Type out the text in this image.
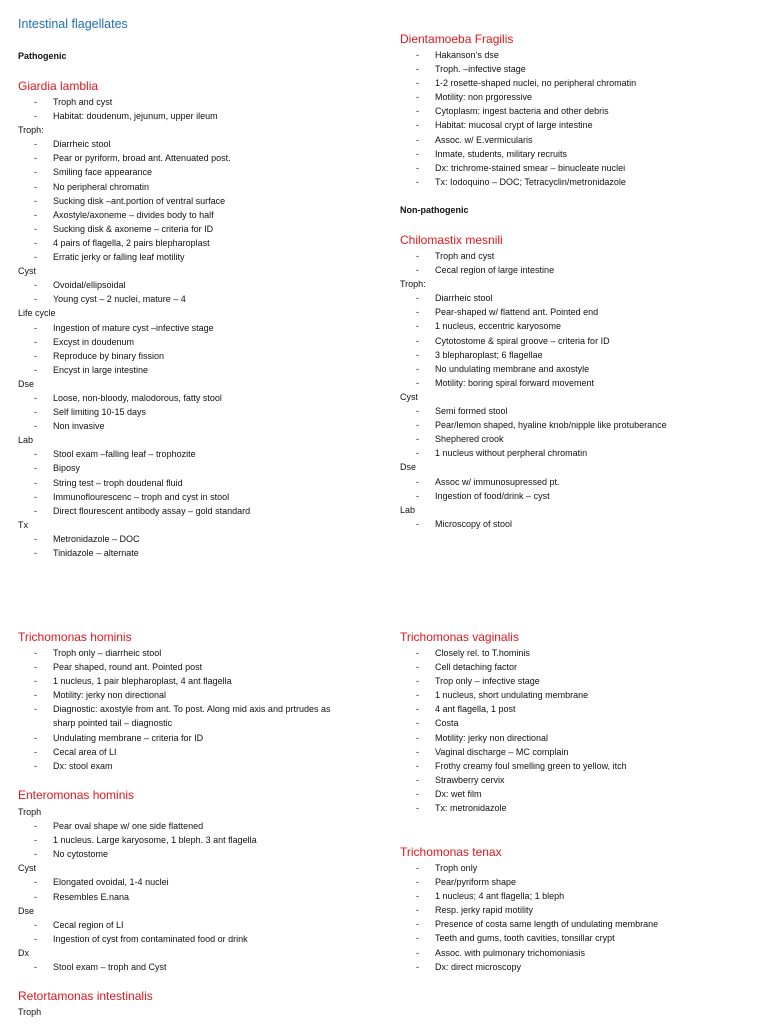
Intestinal flagellates
Pathogenic
Giardia lamblia
- Troph and cyst
- Habitat: doudenum, jejunum, upper ileum
Troph:
- Diarrheic stool
- Pear or pyriform, broad ant. Attenuated post.
- Smiling face appearance
- No peripheral chromatin
- Sucking disk –ant.portion of ventral surface
- Axostyle/axoneme – divides body to half
- Sucking disk & axoneme – criteria for ID
- 4 pairs of flagella, 2 pairs blepharoplast
- Erratic jerky or falling leaf motility
Cyst
- Ovoidal/ellipsoidal
- Young cyst – 2 nuclei, mature – 4
Life cycle
- Ingestion of mature cyst –infective stage
- Excyst in doudenum
- Reproduce by binary fission
- Encyst in large intestine
Dse
- Loose, non-bloody, malodorous, fatty stool
- Self limiting 10-15 days
- Non invasive
Lab
- Stool exam –falling leaf – trophozite
- Biposy
- String test – troph doudenal fluid
- Immunoflourescenc – troph and cyst in stool
- Direct flourescent antibody assay – gold standard
Tx
- Metronidazole – DOC
- Tinidazole – alternate
Trichomonas hominis
- Troph only – diarrheic stool
- Pear shaped, round ant. Pointed post
- 1 nucleus, 1 pair blepharoplast, 4 ant flagella
- Motility: jerky non directional
- Diagnostic: axostyle from ant. To post. Along mid axis and prtrudes as
sharp pointed tail – diagnostic
- Undulating membrane – criteria for ID
- Cecal area of LI
- Dx: stool exam
Enteromonas hominis
Troph
- Pear oval shape w/ one side flattened
- 1 nucleus. Large karyosome, 1 bleph. 3 ant flagella
- No cytostome
Cyst
- Elongated ovoidal, 1-4 nuclei
- Resembles E.nana
Dse
- Cecal region of LI
- Ingestion of cyst from contaminated food or drink
Dx
- Stool exam – troph and Cyst
Retortamonas intestinalis
Troph
Dientamoeba Fragilis
- Hakanson’s dse
- Troph. –infective stage
- 1-2 rosette-shaped nuclei, no peripheral chromatin
- Motility: non prgoressive
- Cytoplasm: ingest bacteria and other debris
- Habitat: mucosal crypt of large intestine
- Assoc. w/ E.vermicularis
- Inmate, students, military recruits
- Dx: trichrome-stained smear – binucleate nuclei
- Tx: Iodoquino – DOC; Tetracyclin/metronidazole
Non-pathogenic
Chilomastix mesnili
- Troph and cyst
- Cecal region of large intestine
Troph:
- Diarrheic stool
- Pear-shaped w/ flattend ant. Pointed end
- 1 nucleus, eccentric karyosome
- Cytotostome & spiral groove – criteria for ID
- 3 blepharoplast; 6 flagellae
- No undulating membrane and axostyle
- Motility: boring spiral forward movement
Cyst
- Semi formed stool
- Pear/lemon shaped, hyaline knob/nipple like protuberance
- Shephered crook
- 1 nucleus without perpheral chromatin
Dse
- Assoc w/ immunosupressed pt.
- Ingestion of food/drink – cyst
Lab
- Microscopy of stool
Trichomonas vaginalis
- Closely rel. to T.hominis
- Cell detaching factor
- Trop only – infective stage
- 1 nucleus, short undulating membrane
- 4 ant flagella, 1 post
- Costa
- Motility: jerky non directional
- Vaginal discharge – MC complain
- Frothy creamy foul smelling green to yellow, itch
- Strawberry cervix
- Dx: wet film
- Tx: metronidazole
Trichomonas tenax
- Troph only
- Pear/pyriform shape
- 1 nucleus; 4 ant flagella; 1 bleph
- Resp. jerky rapid motility
- Presence of costa same length of undulating membrane
- Teeth and gums, tooth cavities, tonsillar crypt
- Assoc. with pulmonary trichomoniasis
- Dx: direct microscopy
